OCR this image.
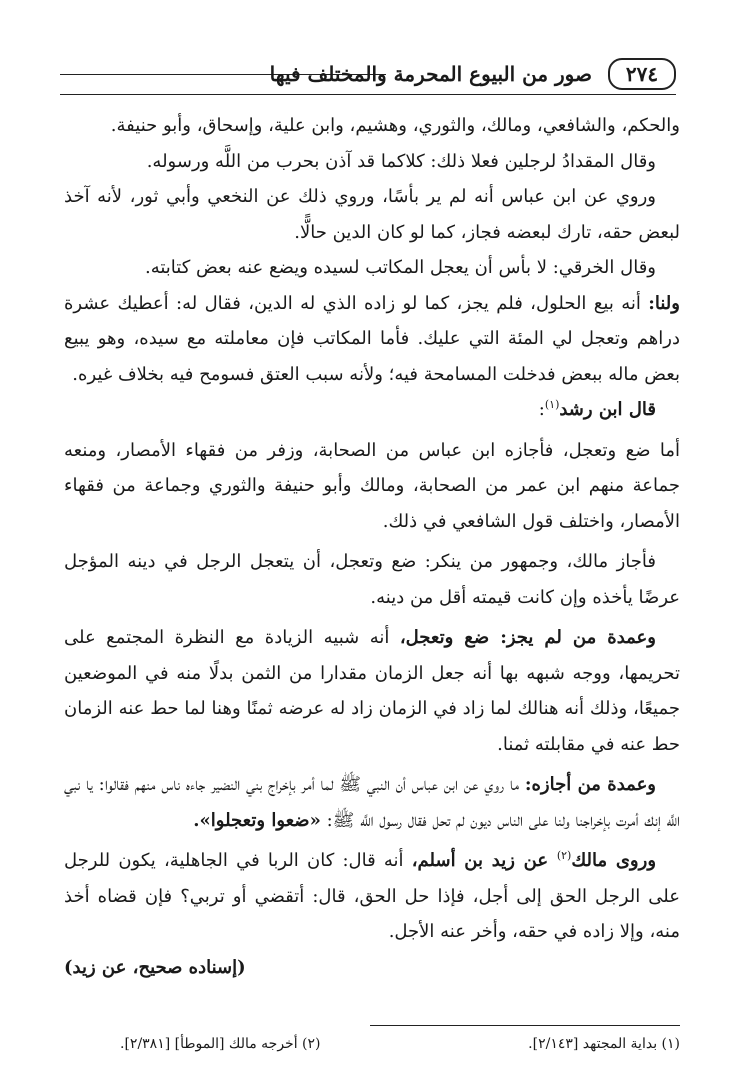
صور من البيوع المحرمة والمختلف فيها	٢٧٤

والحكم، والشافعي، ومالك، والثوري، وهشيم، وابن علية، وإسحاق، وأبو حنيفة.

وقال المقدادُ لرجلين فعلا ذلك: كلاكما قد آذن بحرب من اللَّه ورسوله.

وروي عن ابن عباس أنه لم ير بأسًا، وروي ذلك عن النخعي وأبي ثور، لأنه آخذ لبعض حقه، تارك لبعضه فجاز، كما لو كان الدين حالًّا.

وقال الخرقي: لا بأس أن يعجل المكاتب لسيده ويضع عنه بعض كتابته.

ولنا: أنه بيع الحلول، فلم يجز، كما لو زاده الذي له الدين، فقال له: أعطيك عشرة دراهم وتعجل لي المئة التي عليك. فأما المكاتب فإن معاملته مع سيده، وهو يبيع بعض ماله ببعض فدخلت المسامحة فيه؛ ولأنه سبب العتق فسومح فيه بخلاف غيره.

قال ابن رشد$^{(١)}$:

أما ضع وتعجل، فأجازه ابن عباس من الصحابة، وزفر من فقهاء الأمصار، ومنعه جماعة منهم ابن عمر من الصحابة، ومالك وأبو حنيفة والثوري وجماعة من فقهاء الأمصار، واختلف قول الشافعي في ذلك.

فأجاز مالك، وجمهور من ينكر: ضع وتعجل، أن يتعجل الرجل في دينه المؤجل عرضًا يأخذه وإن كانت قيمته أقل من دينه.

وعمدة من لم يجز: ضع وتعجل، أنه شبيه الزيادة مع النظرة المجتمع على تحريمها، ووجه شبهه بها أنه جعل الزمان مقدارا من الثمن بدلًا منه في الموضعين جميعًا، وذلك أنه هنالك لما زاد في الزمان زاد له عرضه ثمنًا وهنا لما حط عنه الزمان حط عنه في مقابلته ثمنا.

وعمدة من أجازه: ما روي عن ابن عباس أن النبي ﷺ لما أمر بإخراج بني النضير جاءه ناس منهم فقالوا: يا نبي اللَّه إنك أمرت بإخراجنا ولنا على الناس ديون لم تحل فقال رسول اللَّه ﷺ: «ضعوا وتعجلوا».

وروى مالك$^{(٢)}$ عن زيد بن أسلم، أنه قال: كان الربا في الجاهلية، يكون للرجل على الرجل الحق إلى أجل، فإذا حل الحق، قال: أتقضي أو تربي؟ فإن قضاه أخذ منه، وإلا زاده في حقه، وأخر عنه الأجل.

(إسناده صحيح، عن زيد)

(١) بداية المجتهد [٢/١٤٣].
(٢) أخرجه مالك [الموطأ] [٢/٣٨١].
